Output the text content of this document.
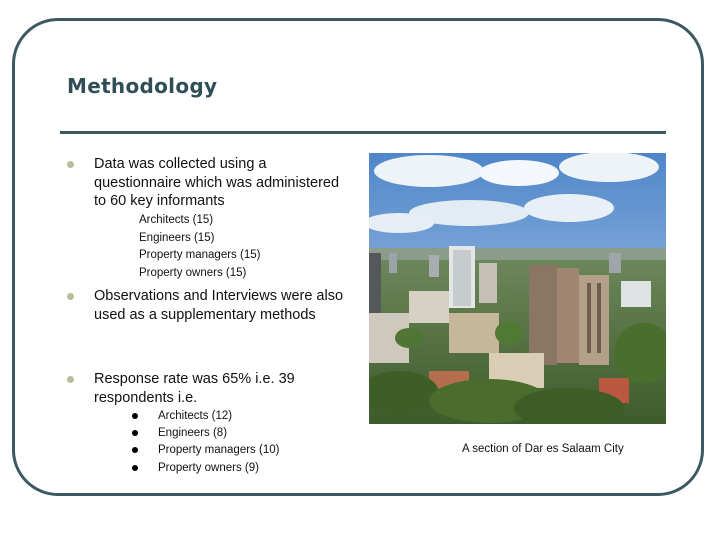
Methodology
Data was collected using a questionnaire which was administered to 60 key informants
Architects (15)
Engineers (15)
Property managers (15)
Property owners (15)
Observations and Interviews were also used as a supplementary methods
Response rate was 65% i.e. 39 respondents i.e.
Architects (12)
Engineers (8)
Property managers (10)
Property owners (9)
A section of Dar es Salaam City
